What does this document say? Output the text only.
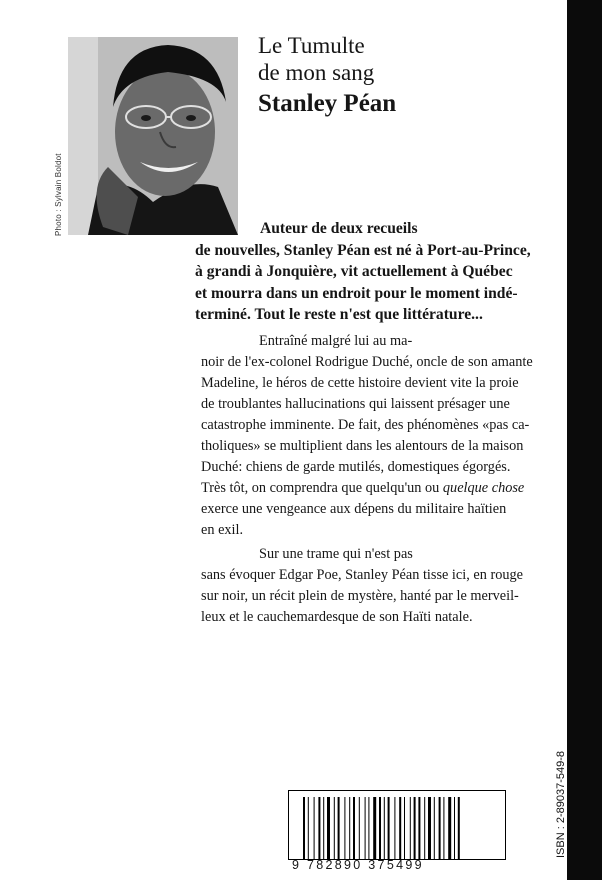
Photo : Sylvain Boldot
Le Tumulte
de mon sang
Stanley Péan
Auteur de deux recueils
de nouvelles, Stanley Péan est né à Port-au-Prince,
à grandi à Jonquière, vit actuellement à Québec
et mourra dans un endroit pour le moment indé-
terminé. Tout le reste n'est que littérature...
Entraîné malgré lui au ma-
noir de l'ex-colonel Rodrigue Duché, oncle de son amante
Madeline, le héros de cette histoire devient vite la proie
de troublantes hallucinations qui laissent présager une
catastrophe imminente. De fait, des phénomènes «pas ca-
tholiques» se multiplient dans les alentours de la maison
Duché: chiens de garde mutilés, domestiques égorgés.
Très tôt, on comprendra que quelqu'un ou quelque chose
exerce une vengeance aux dépens du militaire haïtien
en exil.
Sur une trame qui n'est pas
sans évoquer Edgar Poe, Stanley Péan tisse ici, en rouge
sur noir, un récit plein de mystère, hanté par le merveil-
leux et le cauchemardesque de son Haïti natale.
ISBN : 2-89037-549-8
9 782890 375499
